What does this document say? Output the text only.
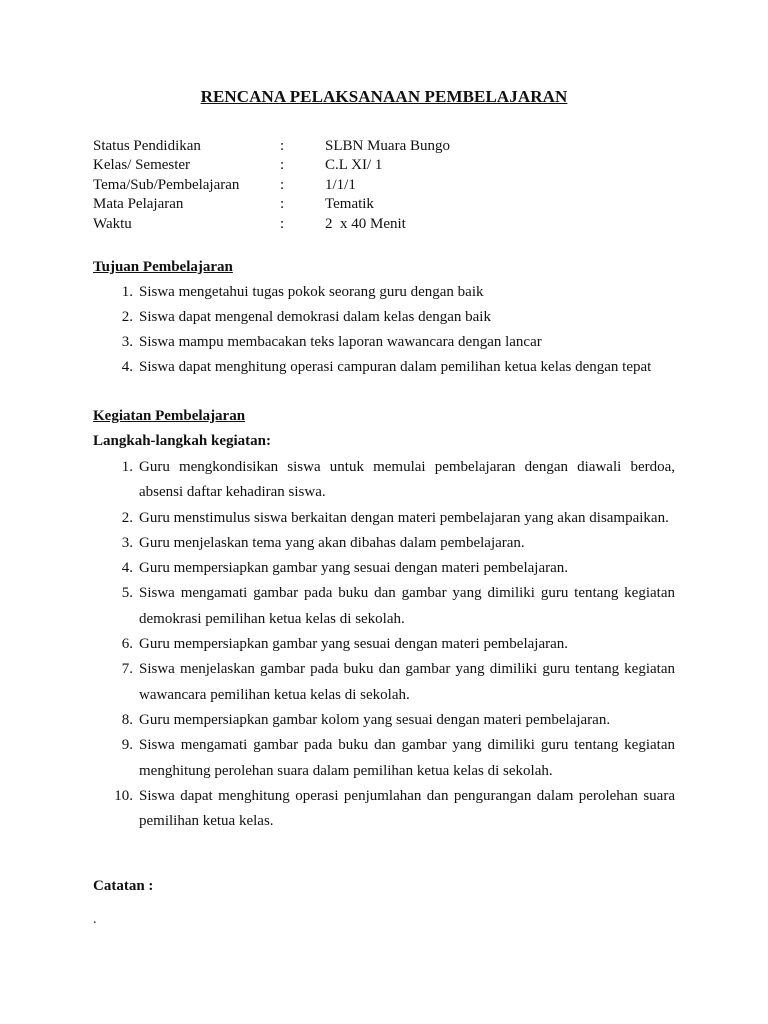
RENCANA PELAKSANAAN PEMBELAJARAN
Status Pendidikan	:	SLBN Muara Bungo
Kelas/ Semester	:	C.L XI/ 1
Tema/Sub/Pembelajaran	:	1/1/1
Mata Pelajaran	:	Tematik
Waktu	:	2  x 40 Menit
Tujuan Pembelajaran
1. Siswa mengetahui tugas pokok seorang guru dengan baik
2. Siswa dapat mengenal demokrasi dalam kelas dengan baik
3. Siswa mampu membacakan teks laporan wawancara dengan lancar
4. Siswa dapat menghitung operasi campuran dalam pemilihan ketua kelas dengan tepat
Kegiatan Pembelajaran
Langkah-langkah kegiatan:
1. Guru mengkondisikan siswa untuk memulai pembelajaran dengan diawali berdoa, absensi daftar kehadiran siswa.
2. Guru menstimulus siswa berkaitan dengan materi pembelajaran yang akan disampaikan.
3. Guru menjelaskan tema yang akan dibahas dalam pembelajaran.
4. Guru mempersiapkan gambar yang sesuai dengan materi pembelajaran.
5. Siswa mengamati gambar pada buku dan gambar yang dimiliki guru tentang kegiatan demokrasi pemilihan ketua kelas di sekolah.
6. Guru mempersiapkan gambar yang sesuai dengan materi pembelajaran.
7. Siswa menjelaskan gambar pada buku dan gambar yang dimiliki guru tentang kegiatan wawancara pemilihan ketua kelas di sekolah.
8. Guru mempersiapkan gambar kolom yang sesuai dengan materi pembelajaran.
9. Siswa mengamati gambar pada buku dan gambar yang dimiliki guru tentang kegiatan menghitung perolehan suara dalam pemilihan ketua kelas di sekolah.
10. Siswa dapat menghitung operasi penjumlahan dan pengurangan dalam perolehan suara pemilihan ketua kelas.
Catatan :
.
